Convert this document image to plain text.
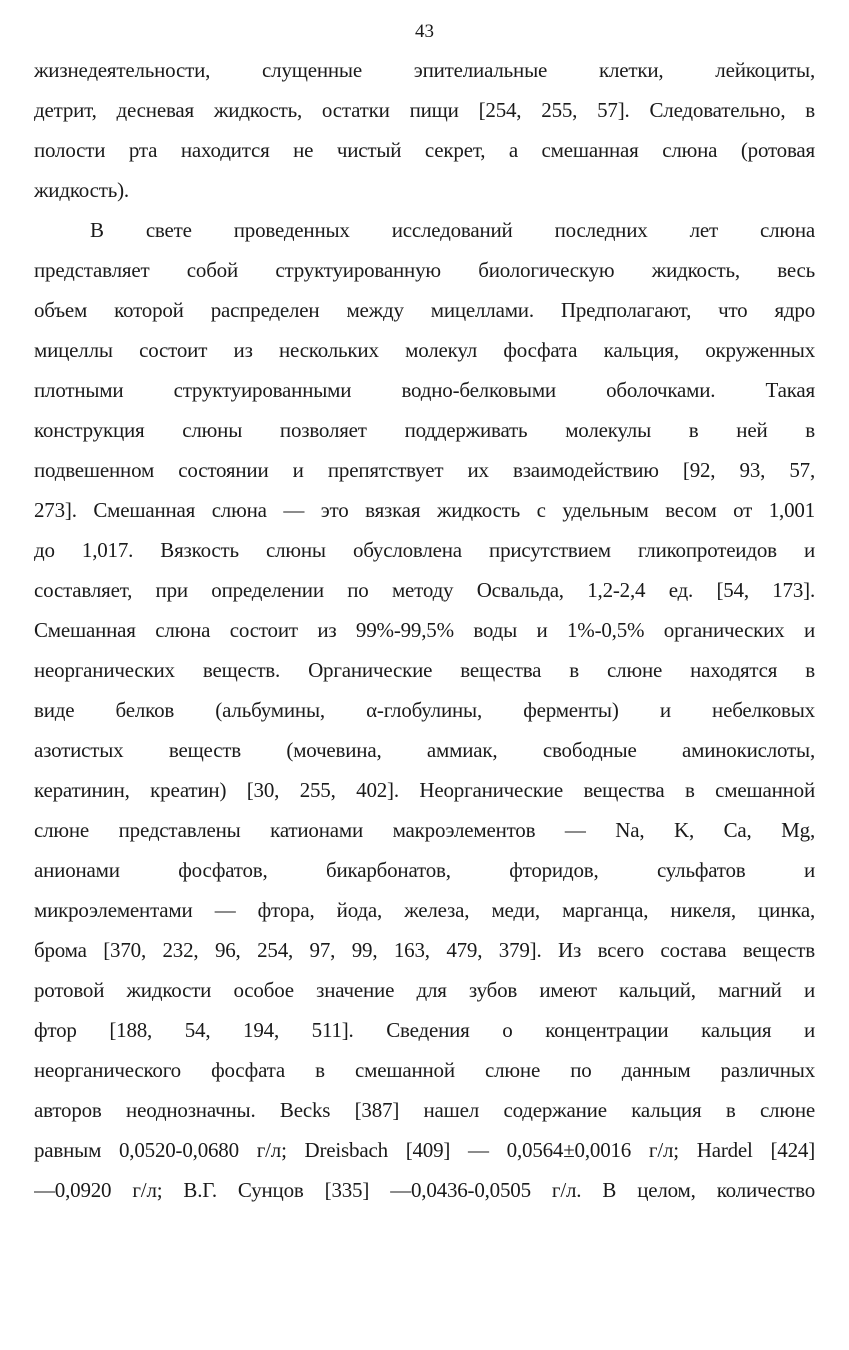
43
жизнедеятельности, слущенные эпителиальные клетки, лейкоциты,
детрит, десневая жидкость, остатки пищи [254, 255, 57]. Следовательно, в
полости рта находится не чистый секрет, а смешанная слюна (ротовая
жидкость).
В свете проведенных исследований последних лет слюна
представляет собой структуированную биологическую жидкость, весь
объем которой распределен между мицеллами. Предполагают, что ядро
мицеллы состоит из нескольких молекул фосфата кальция, окруженных
плотными структуированными водно-белковыми оболочками. Такая
конструкция слюны позволяет поддерживать молекулы в ней в
подвешенном состоянии и препятствует их взаимодействию [92, 93, 57,
273]. Смешанная слюна — это вязкая жидкость с удельным весом от 1,001
до 1,017. Вязкость слюны обусловлена присутствием гликопротеидов и
составляет, при определении по методу Освальда, 1,2-2,4 ед. [54, 173].
Смешанная слюна состоит из 99%-99,5% воды и 1%-0,5% органических и
неорганических веществ. Органические вещества в слюне находятся в
виде белков (альбумины, α-глобулины, ферменты) и небелковых
азотистых веществ (мочевина, аммиак, свободные аминокислоты,
кератинин, креатин) [30, 255, 402]. Неорганические вещества в смешанной
слюне представлены катионами макроэлементов — Na, K, Ca, Mg,
анионами фосфатов, бикарбонатов, фторидов, сульфатов и
микроэлементами — фтора, йода, железа, меди, марганца, никеля, цинка,
брома [370, 232, 96, 254, 97, 99, 163, 479, 379]. Из всего состава веществ
ротовой жидкости особое значение для зубов имеют кальций, магний и
фтор [188, 54, 194, 511]. Сведения о концентрации кальция и
неорганического фосфата в смешанной слюне по данным различных
авторов неоднозначны. Becks [387] нашел содержание кальция в слюне
равным 0,0520-0,0680 г/л; Dreisbach [409] — 0,0564±0,0016 г/л; Hardel [424]
—0,0920 г/л; В.Г. Сунцов [335] —0,0436-0,0505 г/л. В целом, количество
